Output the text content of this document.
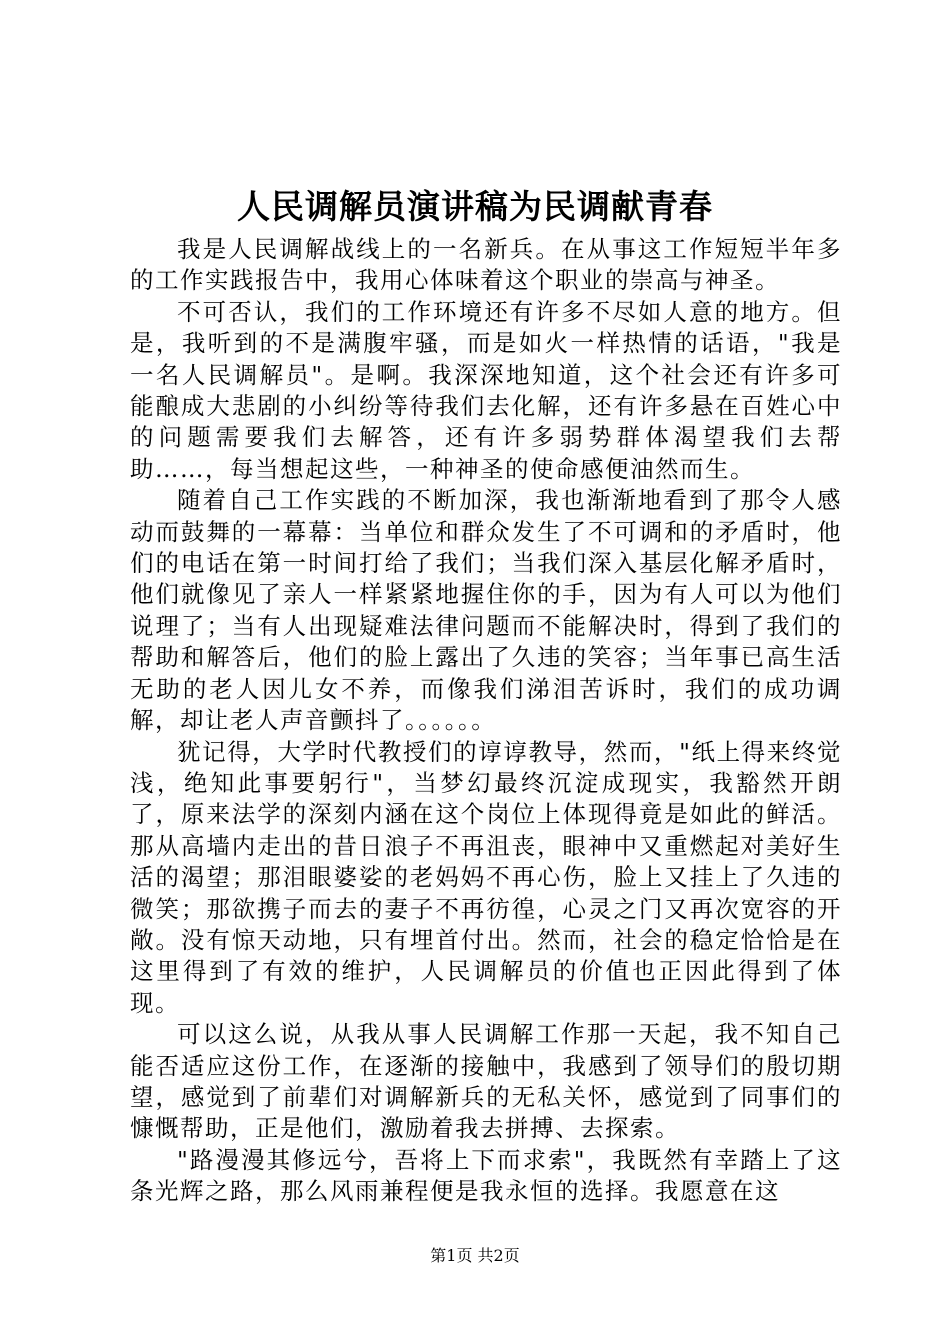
人民调解员演讲稿为民调献青春

我是人民调解战线上的一名新兵。在从事这工作短短半年多的工作实践报告中，我用心体味着这个职业的崇高与神圣。

不可否认，我们的工作环境还有许多不尽如人意的地方。但是，我听到的不是满腹牢骚，而是如火一样热情的话语，"我是一名人民调解员"。是啊。我深深地知道，这个社会还有许多可能酿成大悲剧的小纠纷等待我们去化解，还有许多悬在百姓心中的问题需要我们去解答，还有许多弱势群体渴望我们去帮助……，每当想起这些，一种神圣的使命感便油然而生。

随着自己工作实践的不断加深，我也渐渐地看到了那令人感动而鼓舞的一幕幕：当单位和群众发生了不可调和的矛盾时，他们的电话在第一时间打给了我们；当我们深入基层化解矛盾时，他们就像见了亲人一样紧紧地握住你的手，因为有人可以为他们说理了；当有人出现疑难法律问题而不能解决时，得到了我们的帮助和解答后，他们的脸上露出了久违的笑容；当年事已高生活无助的老人因儿女不养，而像我们涕泪苦诉时，我们的成功调解，却让老人声音颤抖了。。。。。。

犹记得，大学时代教授们的谆谆教导，然而，"纸上得来终觉浅，绝知此事要躬行"，当梦幻最终沉淀成现实，我豁然开朗了，原来法学的深刻内涵在这个岗位上体现得竟是如此的鲜活。那从高墙内走出的昔日浪子不再沮丧，眼神中又重燃起对美好生活的渴望；那泪眼婆娑的老妈妈不再心伤，脸上又挂上了久违的微笑；那欲携子而去的妻子不再彷徨，心灵之门又再次宽容的开敞。没有惊天动地，只有埋首付出。然而，社会的稳定恰恰是在这里得到了有效的维护，人民调解员的价值也正因此得到了体现。

可以这么说，从我从事人民调解工作那一天起，我不知自己能否适应这份工作，在逐渐的接触中，我感到了领导们的殷切期望，感觉到了前辈们对调解新兵的无私关怀，感觉到了同事们的慷慨帮助，正是他们，激励着我去拼搏、去探索。

"路漫漫其修远兮，吾将上下而求索"，我既然有幸踏上了这条光辉之路，那么风雨兼程便是我永恒的选择。我愿意在这

第1页 共2页
